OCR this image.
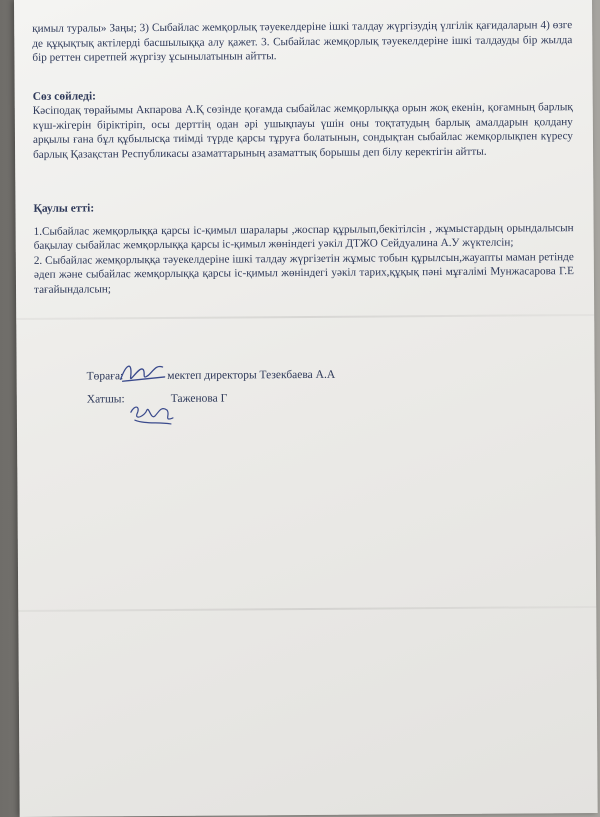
қимыл туралы» Заңы; 3) Сыбайлас жемқорлық тәуекелдеріне ішкі талдау жүргізудің үлгілік қағидаларын 4) өзге де құқықтық актілерді басшылыққа алу қажет. 3. Сыбайлас жемқорлық тәуекелдеріне ішкі талдауды бір жылда бір реттен сиретпей жүргізу ұсынылатынын айтты.

Сөз сөйледі:

Кәсіподақ төрайымы Акпарова А.Қ сөзінде қоғамда сыбайлас жемқорлыққа орын жоқ екенін, қоғамның барлық күш-жігерін біріктіріп, осы дерттің одан әрі ушықпауы үшін оны тоқтатудың барлық амалдарын қолдану арқылы ғана бұл құбылысқа тиімді түрде қарсы тұруға болатынын, сондықтан сыбайлас жемқорлықпен күресу барлық Қазақстан Республикасы азаматтарының азаматтық борышы деп білу керектігін айтты.

Қаулы етті:

1.Сыбайлас жемқорлыққа қарсы іс-қимыл шаралары ,жоспар құрылып,бекітілсін , жұмыстардың орындалысын бақылау сыбайлас жемқорлыққа қарсы іс-қимыл жөніндегі уәкіл ДТЖО Сейдуалина А.У жүктелсін;

2. Сыбайлас жемқорлыққа тәуекелдеріне ішкі талдау жүргізетін жұмыс тобын құрылсын,жауапты маман ретінде әдеп және сыбайлас жемқорлыққа қарсы іс-қимыл жөніндегі уәкіл тарих,құқық пәні мұғалімі Мунжасарова Г.Е тағайындалсын;

Төраға:	мектеп директоры Тезекбаева А.А
Хатшы:	Таженова Г
